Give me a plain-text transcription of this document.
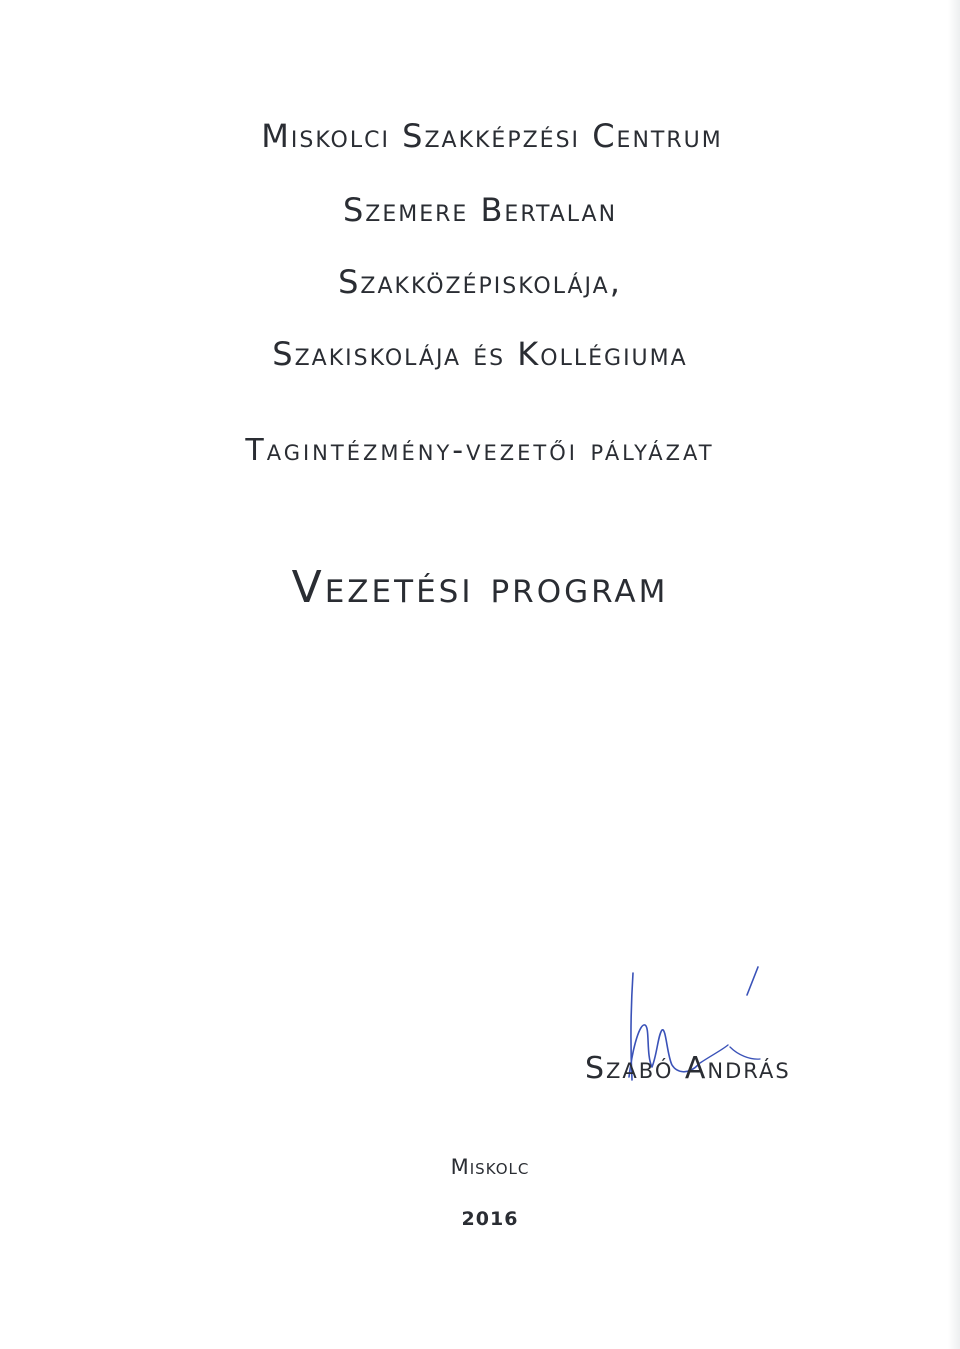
Miskolci Szakképzési Centrum
Szemere Bertalan
Szakközépiskolája,
Szakiskolája és Kollégiuma
Tagintézmény-vezetői pályázat
Vezetési program
Szabó András
Miskolc
2016
